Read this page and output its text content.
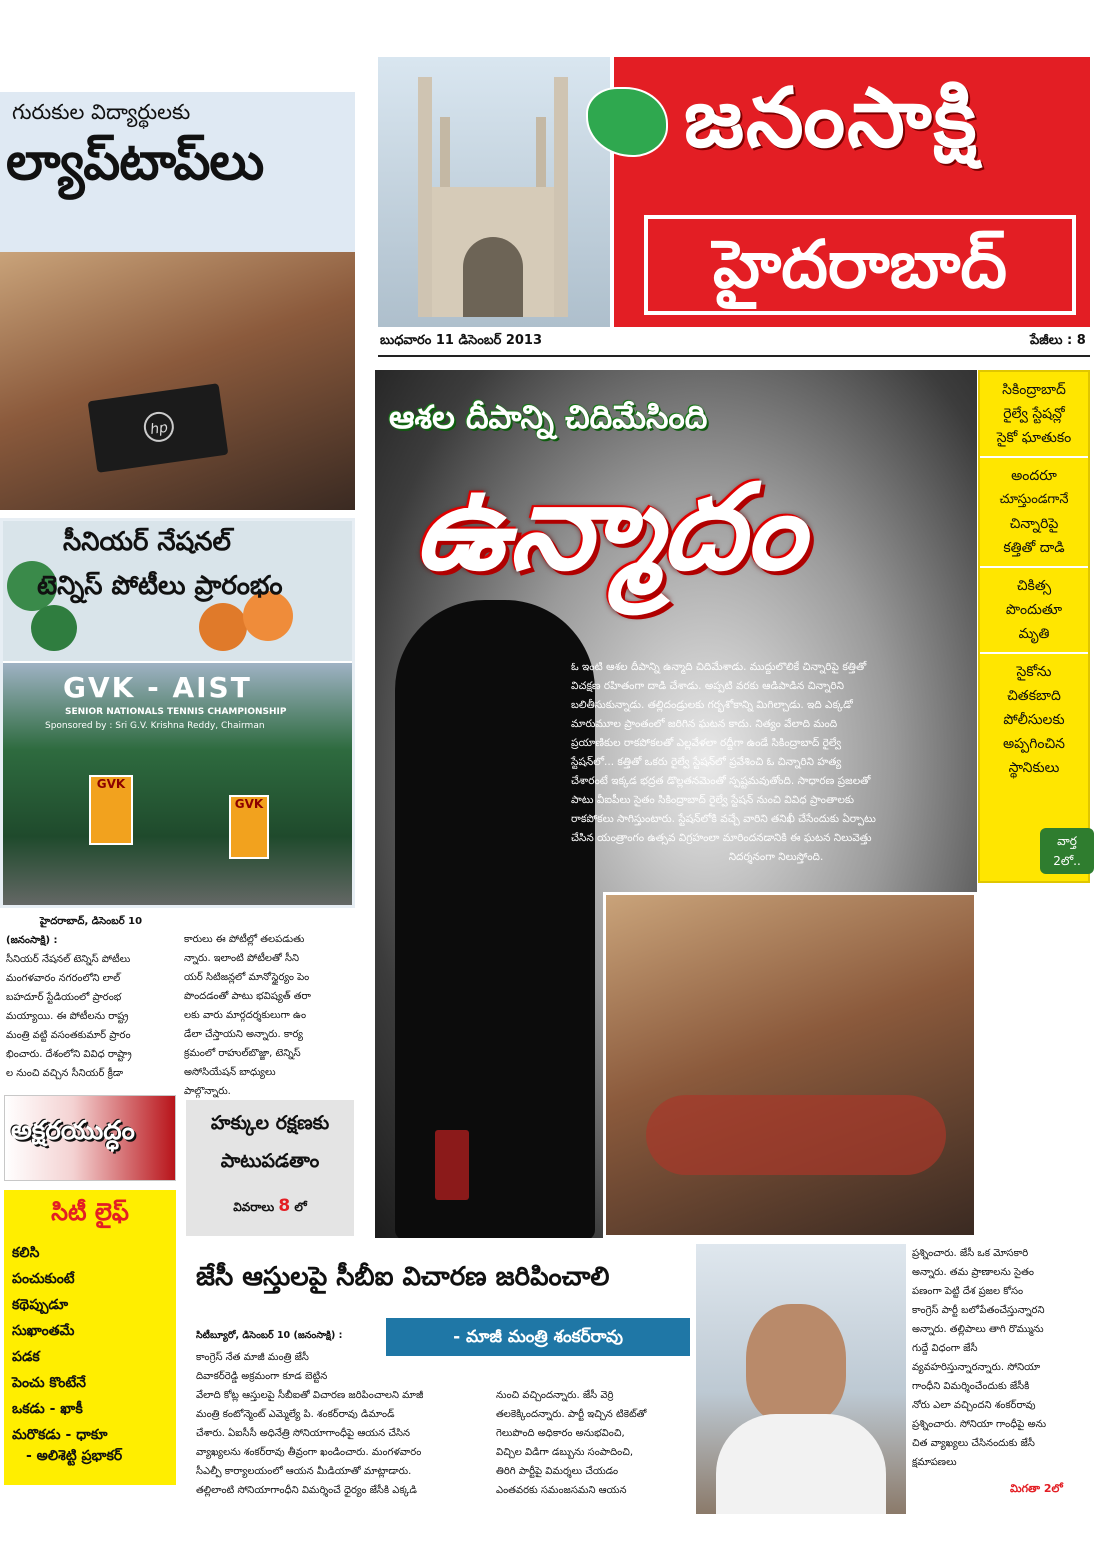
గురుకుల విద్యార్థులకు
ల్యాప్‌టాప్‌లు
hp
జనంసాక్షి
హైదరాబాద్
బుధవారం 11 డిసెంబర్ 2013	పేజీలు : 8
ఆశల దీపాన్ని చిదిమేసింది
ఉన్మాదం
ఓ ఇంటి ఆశల దీపాన్ని ఉన్మాది చిదిమేశాడు. ముద్దులొలికే చిన్నారిపై కత్తితో
విచక్షణ రహితంగా దాడి చేశాడు. అప్పటి వరకు ఆడిపాడిన చిన్నారిని
బలితీసుకున్నాడు. తల్లిదండ్రులకు గర్భశోకాన్ని మిగిల్చాడు. ఇది ఎక్కడో
మారుమూల ప్రాంతంలో జరిగిన ఘటన కాదు. నిత్యం వేలాది మంది
ప్రయాణికుల రాకపోకలతో ఎల్లవేళలా రద్దీగా ఉండే సికింద్రాబాద్‌ రైల్వే
స్టేషన్‌లో... కత్తితో ఒకరు రైల్వే స్టేషన్‌లో ప్రవేశించి ఓ చిన్నారిని హత్య
చేశారంటే ఇక్కడ భద్రత డొల్లతనమెంతో స్పష్టమవుతోంది. సాధారణ ప్రజలతో
పాటు వీఐపీలు సైతం సికింద్రాబాద్‌ రైల్వే స్టేషన్‌ నుంచి వివిధ ప్రాంతాలకు
రాకపోకలు సాగిస్తుంటారు. స్టేషన్‌లోకి వచ్చే వారిని తనిఖీ చేసేందుకు ఏర్పాటు
చేసిన యంత్రాంగం ఉత్సవ విగ్రహంలా మారిందనడానికి ఈ ఘటన నిలువెత్తు
నిదర్శనంగా నిలుస్తోంది.
సికింద్రాబాద్‌
రైల్వే స్టేషన్లో
సైకో ఘాతుకం
అందరూ
చూస్తుండగానే
చిన్నారిపై
కత్తితో దాడి
చికిత్స
పొందుతూ
మృతి
సైకోను
చితకబాది
పోలీసులకు
అప్పగించిన
స్థానికులు
వార్త
2లో..
సీనియర్‌ నేషనల్‌
టెన్నిస్‌ పోటీలు ప్రారంభం
GVK - AIST
SENIOR NATIONALS TENNIS CHAMPIONSHIP
Sponsored by : Sri G.V. Krishna Reddy, Chairman
GVK
GVK
హైదరాబాద్‌, డిసెంబర్‌ 10
(జనంసాక్షి) :
సీనియర్‌ నేషనల్‌ టెన్నిస్‌ పోటీలు
మంగళవారం నగరంలోని లాల్‌
బహదూర్‌ స్టేడియంలో ప్రారంభ
మయ్యాయి. ఈ పోటీలను రాష్ట్ర
మంత్రి వట్టి వసంతకుమార్‌ ప్రారం
భించారు. దేశంలోని వివిధ రాష్ట్రా
ల నుంచి వచ్చిన సీనియర్‌ క్రీడా
కారులు ఈ పోటీల్లో తలపడుతు
న్నారు. ఇలాంటి పోటీలతో సీని
యర్‌ సిటిజన్లలో మానోస్థైర్యం పెం
పొందడంతో పాటు భవిష్యత్‌ తరా
లకు వారు మార్గదర్శకులుగా ఉం
డేలా చేస్తాయని అన్నారు. కార్య
క్రమంలో రాహుల్‌బొజ్జా, టెన్నిస్‌
అసోసియేషన్‌ బాధ్యులు
పాల్గొన్నారు.
అక్షరయుద్ధం	హక్కుల రక్షణకు
పాటుపడతాం
వివరాలు 8 లో
సిటీ లైఫ్‌
కలిసి
పంచుకుంటే
కథెప్పుడూ
సుఖాంతమే
పడక
పెంచు కొంటేనే
ఒకడు - ఖాకీ
మరొకడు - ధాకూ
- అలిశెట్టి ప్రభాకర్‌
జేసీ ఆస్తులపై సీబీఐ విచారణ జరిపించాలి
- మాజీ మంత్రి శంకర్‌రావు
సిటీబ్యూరో, డిసెంబర్‌ 10 (జనంసాక్షి) :
కాంగ్రెస్‌ నేత మాజీ మంత్రి జేసీ
దివాకర్‌రెడ్డి అక్రమంగా కూడ బెట్టిన
వేలాది కోట్ల ఆస్తులపై సీబీఐతో విచారణ జరిపించాలని మాజీ
మంత్రి కంటోన్మెంట్‌ ఎమ్మెల్యే పి. శంకర్‌రావు డిమాండ్‌
చేశారు. ఏఐసీసీ అధినేత్రి సోనియాగాంధీపై ఆయన చేసిన
వ్యాఖ్యలను శంకర్‌రావు తీవ్రంగా ఖండించారు. మంగళవారం
సీఎల్పీ కార్యాలయంలో ఆయన మీడియాతో మాట్లాడారు.
తల్లిలాంటి సోనియాగాంధీని విమర్శించే ధైర్యం జేసీకి ఎక్కడి
నుంచి వచ్చిందన్నారు. జేసీ వెర్రి
తలకెక్కిందన్నారు. పార్టీ ఇచ్చిన టికెట్‌తో
గెలుపొంది అధికారం అనుభవించి,
విచ్చిల విడిగా డబ్బును సంపాదించి,
తిరిగి పార్టీపై విమర్శలు చేయడం
ఎంతవరకు సమంజసమని ఆయన
ప్రశ్నించారు. జేసీ ఒక మోసకారి
అన్నారు. తమ ప్రాణాలను సైతం
పణంగా పెట్టి దేశ ప్రజల కోసం
కాంగ్రెస్‌ పార్టీ బలోపేతంచేస్తున్నారని
అన్నారు. తల్లిపాలు తాగి రొమ్మును
గుద్దే విధంగా జేసీ
వ్యవహరిస్తున్నారన్నారు. సోనియా
గాంధీని విమర్శించేందుకు జేసీకి
నోరు ఎలా వచ్చిందని శంకర్‌రావు
ప్రశ్నించారు. సోనియా గాంధీపై అను
చిత వ్యాఖ్యలు చేసినందుకు జేసీ
క్షమాపణలు
మిగతా 2లో
